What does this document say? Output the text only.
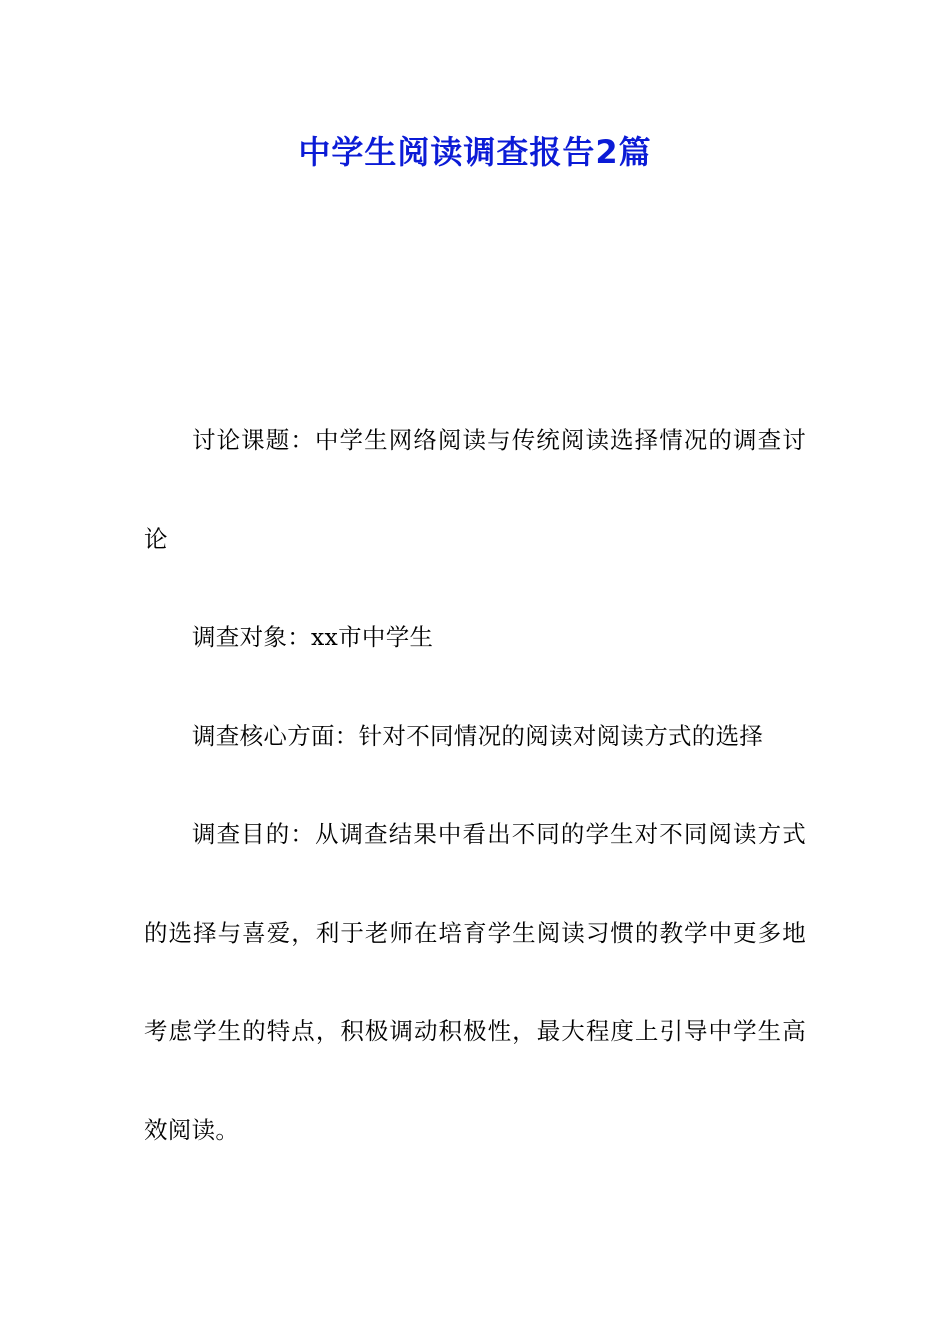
中学生阅读调查报告2篇

讨论课题：中学生网络阅读与传统阅读选择情况的调查讨论

调查对象：xx市中学生

调查核心方面：针对不同情况的阅读对阅读方式的选择

调查目的：从调查结果中看出不同的学生对不同阅读方式的选择与喜爱，利于老师在培育学生阅读习惯的教学中更多地考虑学生的特点，积极调动积极性，最大程度上引导中学生高效阅读。
